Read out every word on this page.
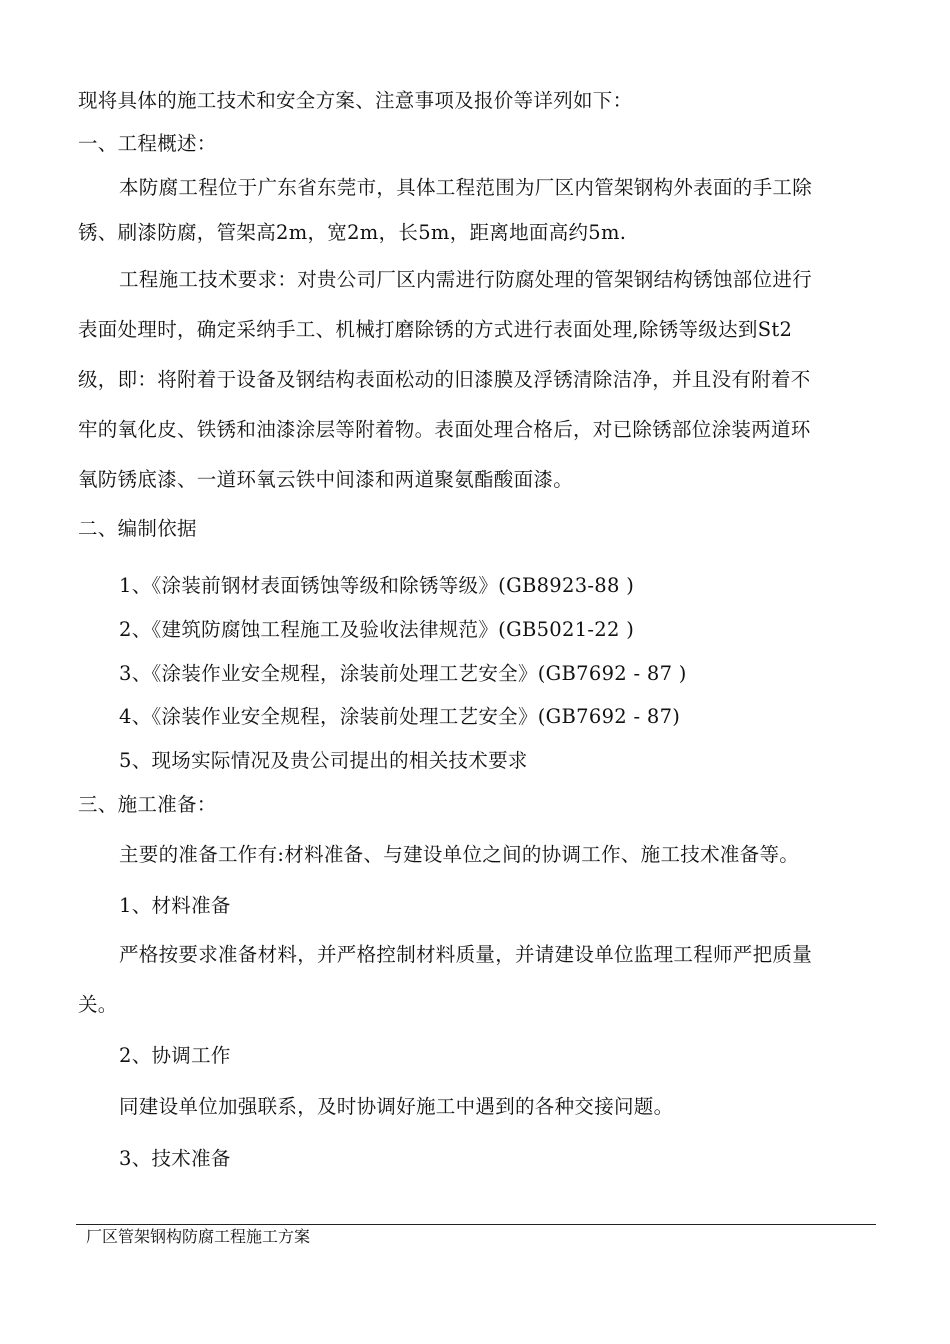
现将具体的施工技术和安全方案、注意事项及报价等详列如下：
一、工程概述：
本防腐工程位于广东省东莞市，具体工程范围为厂区内管架钢构外表面的手工除
锈、刷漆防腐，管架高2m，宽2m，长5m，距离地面高约5m.
工程施工技术要求：对贵公司厂区内需进行防腐处理的管架钢结构锈蚀部位进行
表面处理时，确定采纳手工、机械打磨除锈的方式进行表面处理,除锈等级达到St2
级，即：将附着于设备及钢结构表面松动的旧漆膜及浮锈清除洁净，并且没有附着不
牢的氧化皮、铁锈和油漆涂层等附着物。表面处理合格后，对已除锈部位涂装两道环
氧防锈底漆、一道环氧云铁中间漆和两道聚氨酯酸面漆。
二、编制依据
1、《涂装前钢材表面锈蚀等级和除锈等级》(GB8923-88 )
2、《建筑防腐蚀工程施工及验收法律规范》(GB5021-22 )
3、《涂装作业安全规程，涂装前处理工艺安全》(GB7692 - 87 )
4、《涂装作业安全规程，涂装前处理工艺安全》(GB7692 - 87)
5、现场实际情况及贵公司提出的相关技术要求
三、施工准备：
主要的准备工作有:材料准备、与建设单位之间的协调工作、施工技术准备等。
1、材料准备
严格按要求准备材料，并严格控制材料质量，并请建设单位监理工程师严把质量
关。
2、协调工作
同建设单位加强联系，及时协调好施工中遇到的各种交接问题。
3、技术准备
厂区管架钢构防腐工程施工方案
